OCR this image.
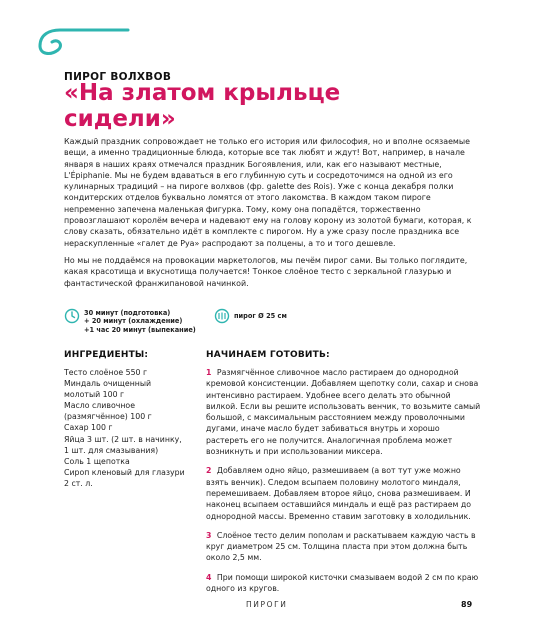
ПИРОГ ВОЛХВОВ
«На златом крыльце
сидели»

Каждый праздник сопровождает не только его история или философия, но и вполне осязаемые вещи, а именно традиционные блюда, которые все так любят и ждут! Вот, например, в начале января в наших краях отмечался праздник Богоявления, или, как его называют местные, L'Épiphanie. Мы не будем вдаваться в его глубинную суть и сосредоточимся на одной из его кулинарных традиций – на пироге волхвов (фр. galette des Rois). Уже с конца декабря полки кондитерских отделов буквально ломятся от этого лакомства. В каждом таком пироге непременно запечена маленькая фигурка. Тому, кому она попадётся, торжественно провозглашают королём вечера и надевают ему на голову корону из золотой бумаги, которая, к слову сказать, обязательно идёт в комплекте с пирогом. Ну а уже сразу после праздника все нераскупленные «галет де Руа» распродают за полцены, а то и того дешевле.

Но мы не поддаёмся на провокации маркетологов, мы печём пирог сами. Вы только поглядите, какая красотища и вкуснотища получается! Тонкое слоёное тесто с зеркальной глазурью и фантастической франжипановой начинкой.

30 минут (подготовка)
+ 20 минут (охлаждение)
+1 час 20 минут (выпекание)
пирог Ø 25 см
ИНГРЕДИЕНТЫ:
Тесто слоёное 550 г
Миндаль очищенный
молотый 100 г
Масло сливочное
(размягчённое) 100 г
Сахар 100 г
Яйца 3 шт. (2 шт. в начинку,
1 шт. для смазывания)
Соль 1 щепотка
Сироп кленовый для глазури
2 ст. л.
НАЧИНАЕМ ГОТОВИТЬ:

1 Размягчённое сливочное масло растираем до однородной кремовой консистенции. Добавляем щепотку соли, сахар и снова интенсивно растираем. Удобнее всего делать это обычной вилкой. Если вы решите использовать венчик, то возьмите самый большой, с максимальным расстоянием между проволочными дугами, иначе масло будет забиваться внутрь и хорошо растереть его не получится. Аналогичная проблема может возникнуть и при использовании миксера.

2 Добавляем одно яйцо, размешиваем (а вот тут уже можно взять венчик). Следом всыпаем половину молотого миндаля, перемешиваем. Добавляем второе яйцо, снова размешиваем. И наконец всыпаем оставшийся миндаль и ещё раз растираем до однородной массы. Временно ставим заготовку в холодильник.

3 Слоёное тесто делим пополам и раскатываем каждую часть в круг диаметром 25 см. Толщина пласта при этом должна быть около 2,5 мм.

4 При помощи широкой кисточки смазываем водой 2 см по краю одного из кругов.

ПИРОГИ	89
